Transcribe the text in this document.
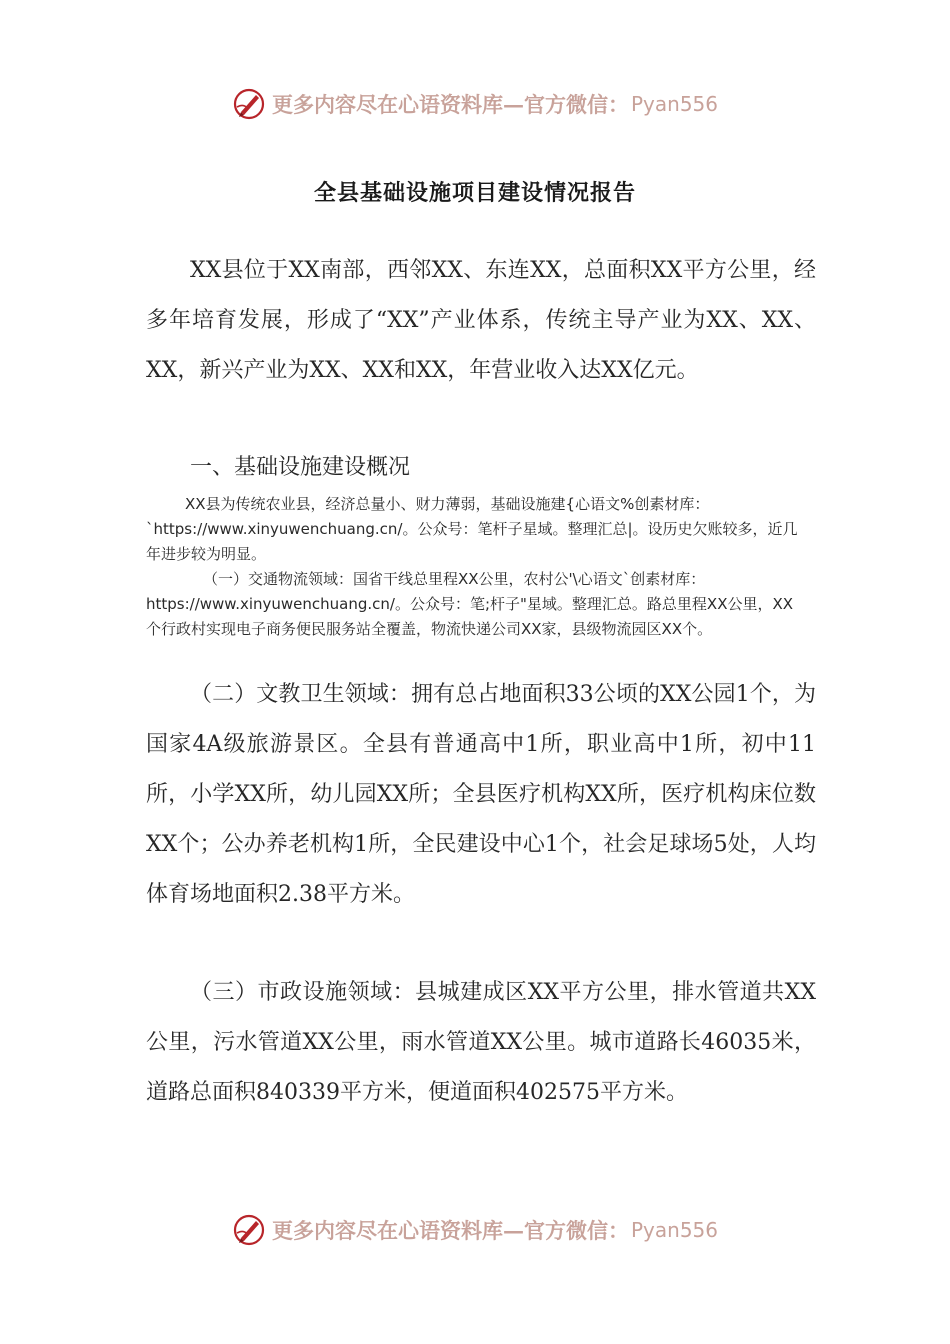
更多内容尽在心语资料库—官方微信： Pyan556
全县基础设施项目建设情况报告

XX县位于XX南部，西邻XX、东连XX，总面积XX平方公里，经多年培育发展，形成了“XX”产业体系，传统主导产业为XX、XX、XX，新兴产业为XX、XX和XX，年营业收入达XX亿元。

一、基础设施建设概况

XX县为传统农业县，经济总量小、财力薄弱，基础设施建{心语文%创素材库：`https://www.xinyuwenchuang.cn/。公众号：笔杆子星域。整理汇总|。设历史欠账较多，近几年进步较为明显。

（一）交通物流领域：国省干线总里程XX公里，农村公'\心语文`创素材库：https://www.xinyuwenchuang.cn/。公众号：笔;杆子"星域。整理汇总。路总里程XX公里，XX个行政村实现电子商务便民服务站全覆盖，物流快递公司XX家，县级物流园区XX个。

（二）文教卫生领域：拥有总占地面积33公顷的XX公园1个，为国家4A级旅游景区。全县有普通高中1所，职业高中1所，初中11所，小学XX所，幼儿园XX所；全县医疗机构XX所，医疗机构床位数XX个；公办养老机构1所，全民建设中心1个，社会足球场5处，人均体育场地面积2.38平方米。

（三）市政设施领域：县城建成区XX平方公里，排水管道共XX公里，污水管道XX公里，雨水管道XX公里。城市道路长46035米，道路总面积840339平方米，便道面积402575平方米。

更多内容尽在心语资料库—官方微信： Pyan556
